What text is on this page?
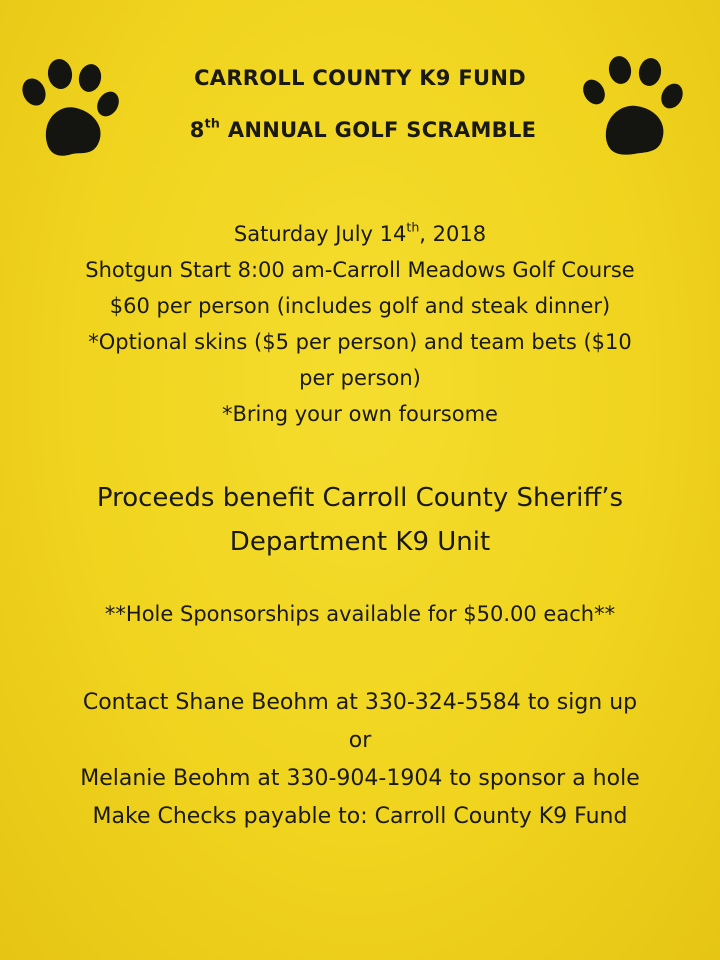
CARROLL COUNTY K9 FUND
8th ANNUAL GOLF SCRAMBLE
Saturday July 14th, 2018
Shotgun Start 8:00 am-Carroll Meadows Golf Course
$60 per person (includes golf and steak dinner)
*Optional skins ($5 per person) and team bets ($10
per person)
*Bring your own foursome
Proceeds benefit Carroll County Sheriff’s
Department K9 Unit
**Hole Sponsorships available for $50.00 each**
Contact Shane Beohm at 330-324-5584 to sign up
or
Melanie Beohm at 330-904-1904 to sponsor a hole
Make Checks payable to: Carroll County K9 Fund
